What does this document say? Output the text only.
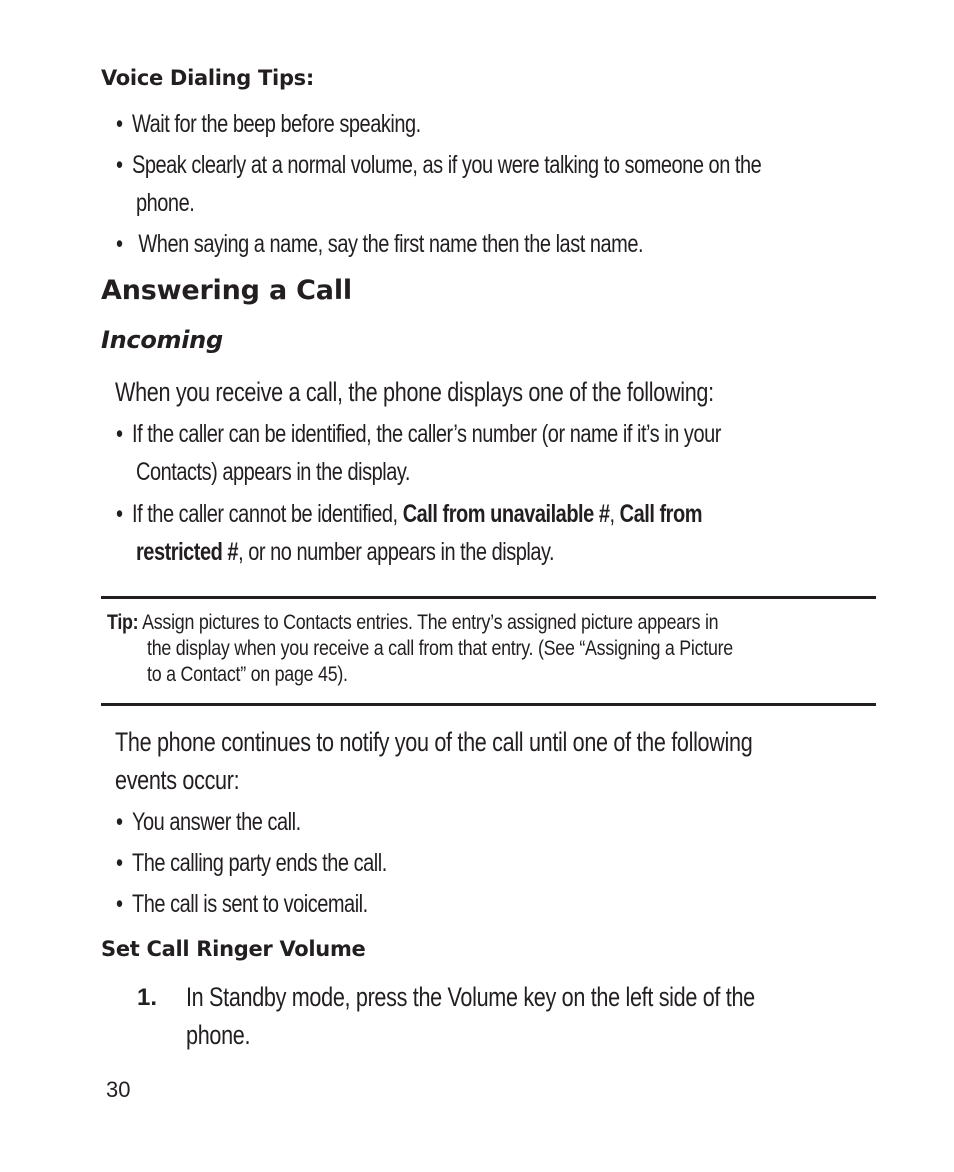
Voice Dialing Tips:
• Wait for the beep before speaking.
• Speak clearly at a normal volume, as if you were talking to someone on the
phone.
• When saying a name, say the first name then the last name.
Answering a Call
Incoming
When you receive a call, the phone displays one of the following:
• If the caller can be identified, the caller’s number (or name if it’s in your
Contacts) appears in the display.
• If the caller cannot be identified, Call from unavailable #, Call from
restricted #, or no number appears in the display.
Tip: Assign pictures to Contacts entries. The entry’s assigned picture appears in
the display when you receive a call from that entry. (See “Assigning a Picture
to a Contact” on page 45).
The phone continues to notify you of the call until one of the following
events occur:
• You answer the call.
• The calling party ends the call.
• The call is sent to voicemail.
Set Call Ringer Volume
1. In Standby mode, press the Volume key on the left side of the
phone.
30
